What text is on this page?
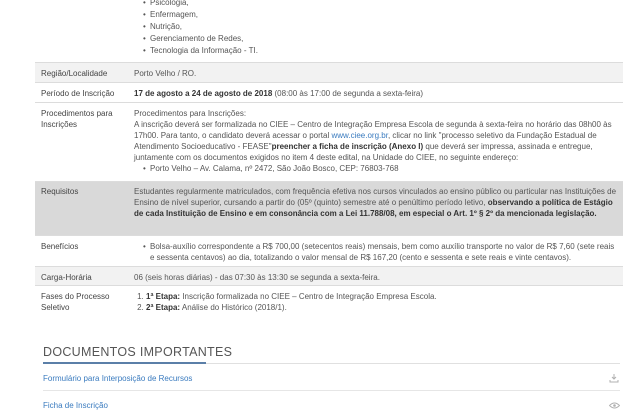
• Psicologia,
• Enfermagem,
• Nutrição,
• Gerenciamento de Redes,
• Tecnologia da Informação - TI.
Região/Localidade	Porto Velho / RO.
Período de Inscrição	17 de agosto a 24 de agosto de 2018 (08:00 às 17:00 de segunda a sexta-feira)
Procedimentos para
Inscrições
Procedimentos para Inscrições:
A inscrição deverá ser formalizada no CIEE – Centro de Integração Empresa Escola de segunda à sexta-feira no horário das 08h00 às 17h00. Para tanto, o candidato deverá acessar o portal www.ciee.org.br, clicar no link "processo seletivo da Fundação Estadual de Atendimento Socioeducativo - FEASE"preencher a ficha de inscrição (Anexo I) que deverá ser impressa, assinada e entregue, juntamente com os documentos exigidos no item 4 deste edital, na Unidade do CIEE, no seguinte endereço:
• Porto Velho – Av. Calama, nº 2472, São João Bosco, CEP: 76803-768
Requisitos	Estudantes regularmente matriculados, com frequência efetiva nos cursos vinculados ao ensino público ou particular nas Instituições de Ensino de nível superior, cursando a partir do (05º (quinto) semestre até o penúltimo período letivo, observando a política de Estágio de cada Instituição de Ensino e em consonância com a Lei 11.788/08, em especial o Art. 1º § 2º da mencionada legislação.
Benefícios
•	Bolsa-auxílio correspondente a R$ 700,00 (setecentos reais) mensais, bem como auxílio transporte no valor de R$ 7,60 (sete reais e sessenta centavos) ao dia, totalizando o valor mensal de R$ 167,20 (cento e sessenta e sete reais e vinte centavos).
Carga-Horária	06 (seis horas diárias) - das 07:30 às 13:30 se segunda a sexta-feira.
Fases do Processo
Seletivo
1. 1ª Etapa: Inscrição formalizada no CIEE – Centro de Integração Empresa Escola.
2. 2ª Etapa: Análise do Histórico (2018/1).
DOCUMENTOS IMPORTANTES
Formulário para Interposição de Recursos
Ficha de Inscrição
